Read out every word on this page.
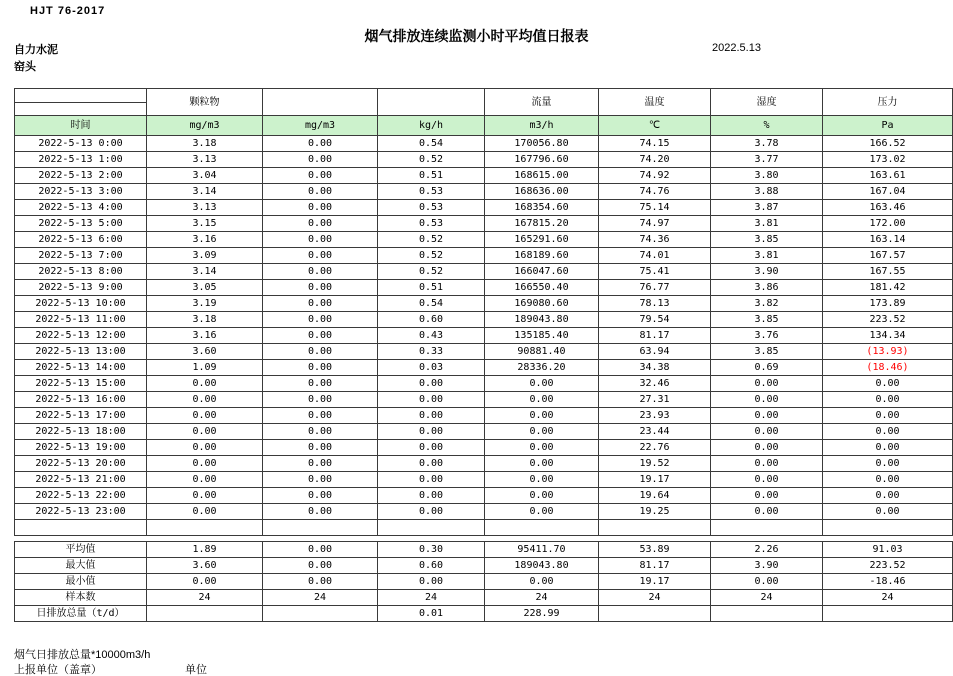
HJT 76-2017
烟气排放连续监测小时平均值日报表
2022.5.13
自力水泥
窑头
	颗粒物			流量	温度	湿度	压力

时间	mg/m3	mg/m3	kg/h	m3/h	℃	%	Pa
2022-5-13 0:00	3.18	0.00	0.54	170056.80	74.15	3.78	166.52
2022-5-13 1:00	3.13	0.00	0.52	167796.60	74.20	3.77	173.02
2022-5-13 2:00	3.04	0.00	0.51	168615.00	74.92	3.80	163.61
2022-5-13 3:00	3.14	0.00	0.53	168636.00	74.76	3.88	167.04
2022-5-13 4:00	3.13	0.00	0.53	168354.60	75.14	3.87	163.46
2022-5-13 5:00	3.15	0.00	0.53	167815.20	74.97	3.81	172.00
2022-5-13 6:00	3.16	0.00	0.52	165291.60	74.36	3.85	163.14
2022-5-13 7:00	3.09	0.00	0.52	168189.60	74.01	3.81	167.57
2022-5-13 8:00	3.14	0.00	0.52	166047.60	75.41	3.90	167.55
2022-5-13 9:00	3.05	0.00	0.51	166550.40	76.77	3.86	181.42
2022-5-13 10:00	3.19	0.00	0.54	169080.60	78.13	3.82	173.89
2022-5-13 11:00	3.18	0.00	0.60	189043.80	79.54	3.85	223.52
2022-5-13 12:00	3.16	0.00	0.43	135185.40	81.17	3.76	134.34
2022-5-13 13:00	3.60	0.00	0.33	90881.40	63.94	3.85	(13.93)
2022-5-13 14:00	1.09	0.00	0.03	28336.20	34.38	0.69	(18.46)
2022-5-13 15:00	0.00	0.00	0.00	0.00	32.46	0.00	0.00
2022-5-13 16:00	0.00	0.00	0.00	0.00	27.31	0.00	0.00
2022-5-13 17:00	0.00	0.00	0.00	0.00	23.93	0.00	0.00
2022-5-13 18:00	0.00	0.00	0.00	0.00	23.44	0.00	0.00
2022-5-13 19:00	0.00	0.00	0.00	0.00	22.76	0.00	0.00
2022-5-13 20:00	0.00	0.00	0.00	0.00	19.52	0.00	0.00
2022-5-13 21:00	0.00	0.00	0.00	0.00	19.17	0.00	0.00
2022-5-13 22:00	0.00	0.00	0.00	0.00	19.64	0.00	0.00
2022-5-13 23:00	0.00	0.00	0.00	0.00	19.25	0.00	0.00

平均值	1.89	0.00	0.30	95411.70	53.89	2.26	91.03
最大值	3.60	0.00	0.60	189043.80	81.17	3.90	223.52
最小值	0.00	0.00	0.00	0.00	19.17	0.00	-18.46
样本数	24	24	24	24	24	24	24
日排放总量（t/d）			0.01	228.99			
烟气日排放总量*10000m3/h
上报单位（盖章）	单位
